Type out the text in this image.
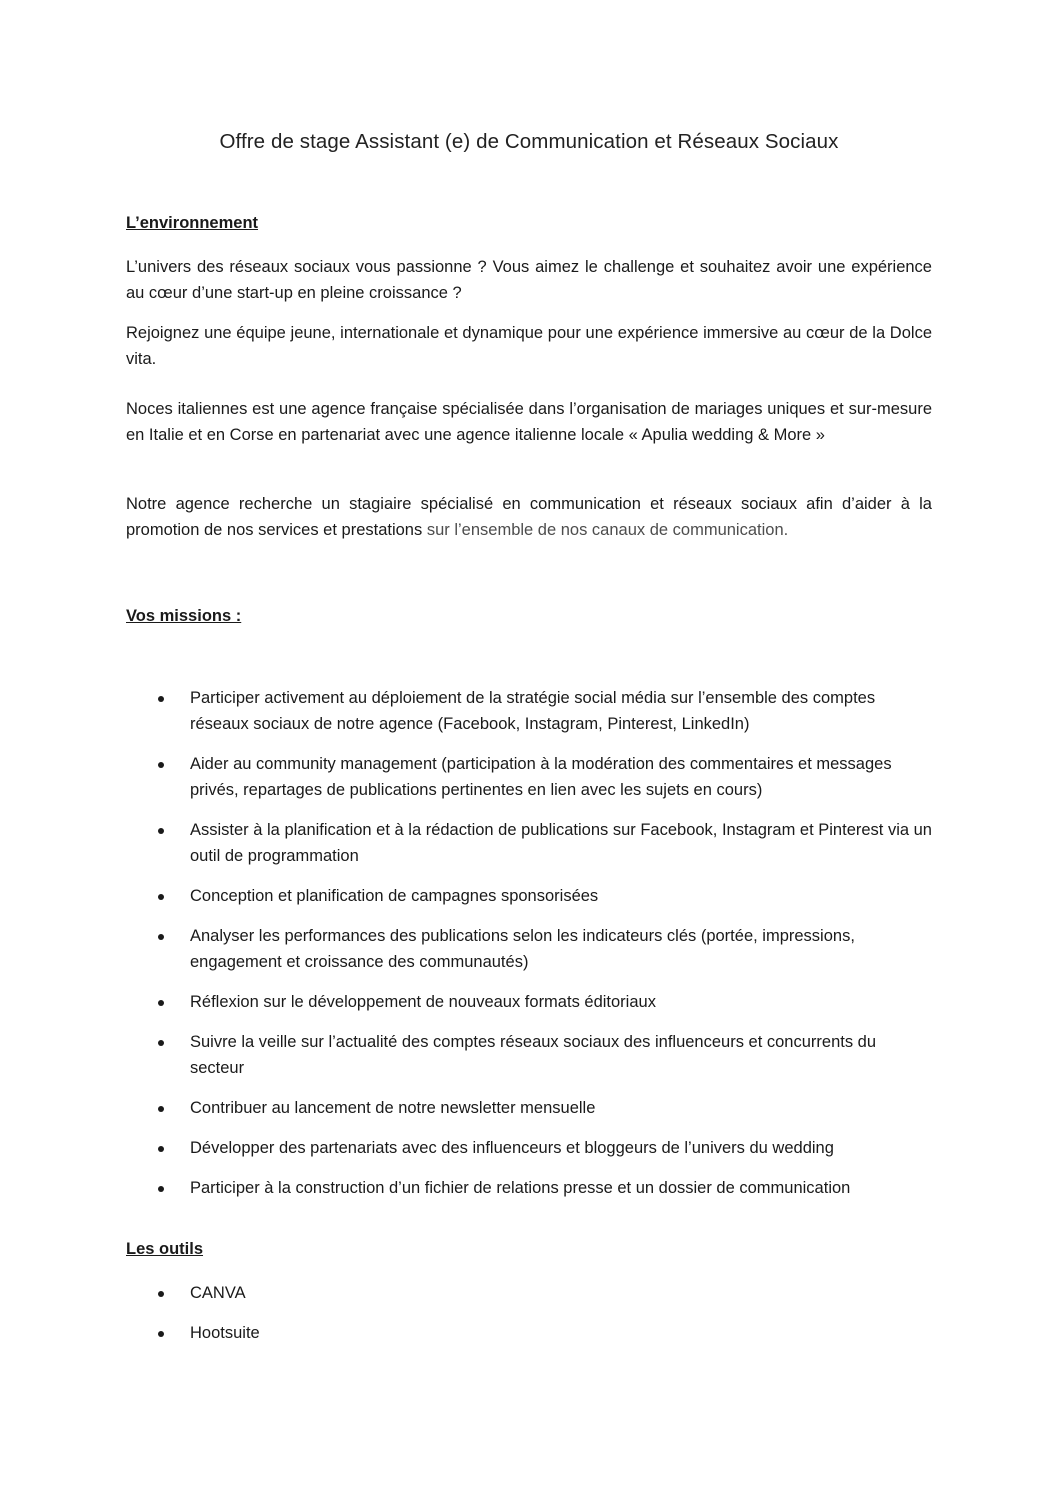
Offre de stage Assistant (e) de Communication et Réseaux Sociaux
L’environnement

L’univers des réseaux sociaux vous passionne ? Vous aimez le challenge et souhaitez avoir une expérience au cœur d’une start-up en pleine croissance ?

Rejoignez une équipe jeune, internationale et dynamique pour une expérience immersive au cœur de la Dolce vita.

Noces italiennes est une agence française spécialisée dans l’organisation de mariages uniques et sur-mesure en Italie et en Corse en partenariat avec une agence italienne locale « Apulia wedding & More »

Notre agence recherche un stagiaire spécialisé en communication et réseaux sociaux afin d’aider à la promotion de nos services et prestations sur l’ensemble de nos canaux de communication.

Vos missions :
Participer activement au déploiement de la stratégie social média sur l’ensemble des comptes réseaux sociaux de notre agence (Facebook, Instagram, Pinterest, LinkedIn)
Aider au community management (participation à la modération des commentaires et messages privés, repartages de publications pertinentes en lien avec les sujets en cours)
Assister à la planification et à la rédaction de publications sur Facebook, Instagram et Pinterest via un outil de programmation
Conception et planification de campagnes sponsorisées
Analyser les performances des publications selon les indicateurs clés (portée, impressions, engagement et croissance des communautés)
Réflexion sur le développement de nouveaux formats éditoriaux
Suivre la veille sur l’actualité des comptes réseaux sociaux des influenceurs et concurrents du secteur
Contribuer au lancement de notre newsletter mensuelle
Développer des partenariats avec des influenceurs et bloggeurs de l’univers du wedding
Participer à la construction d’un fichier de relations presse et un dossier de communication
Les outils
CANVA
Hootsuite
